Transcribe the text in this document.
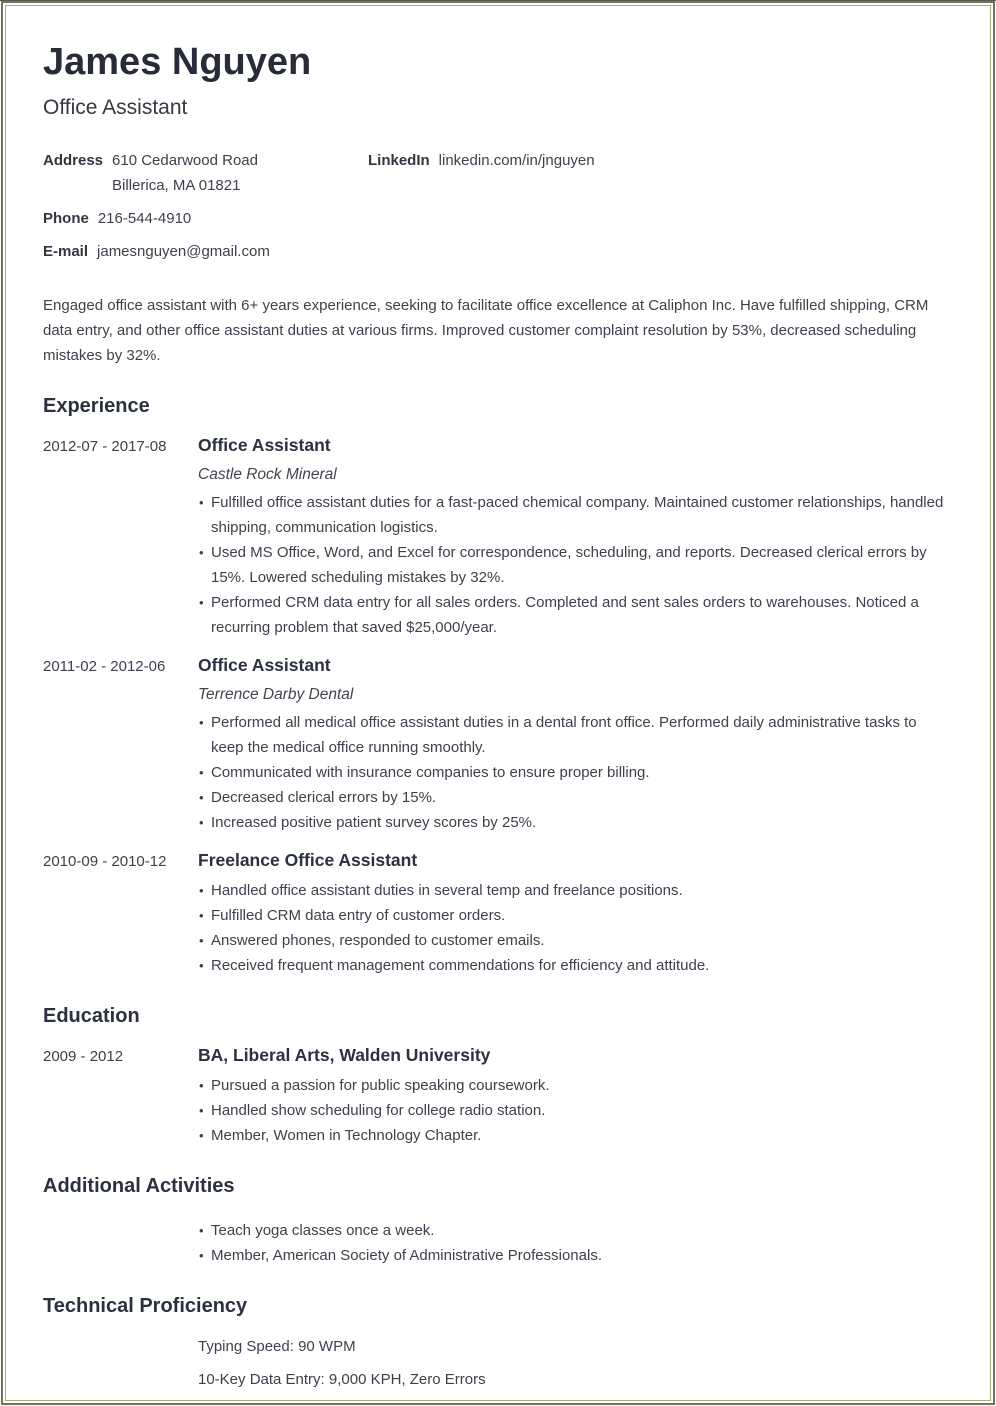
James Nguyen
Office Assistant
Address 610 Cedarwood Road
Billerica, MA 01821
Phone 216-544-4910
E-mail jamesnguyen@gmail.com
LinkedIn linkedin.com/in/jnguyen

Engaged office assistant with 6+ years experience, seeking to facilitate office excellence at Caliphon Inc. Have fulfilled shipping, CRM data entry, and other office assistant duties at various firms. Improved customer complaint resolution by 53%, decreased scheduling mistakes by 32%.

Experience
2012-07 - 2017-08	Office Assistant
Castle Rock Mineral
• Fulfilled office assistant duties for a fast-paced chemical company. Maintained customer relationships, handled shipping, communication logistics.
• Used MS Office, Word, and Excel for correspondence, scheduling, and reports. Decreased clerical errors by 15%. Lowered scheduling mistakes by 32%.
• Performed CRM data entry for all sales orders. Completed and sent sales orders to warehouses. Noticed a recurring problem that saved $25,000/year.
2011-02 - 2012-06	Office Assistant
Terrence Darby Dental
• Performed all medical office assistant duties in a dental front office. Performed daily administrative tasks to keep the medical office running smoothly.
• Communicated with insurance companies to ensure proper billing.
• Decreased clerical errors by 15%.
• Increased positive patient survey scores by 25%.
2010-09 - 2010-12	Freelance Office Assistant
• Handled office assistant duties in several temp and freelance positions.
• Fulfilled CRM data entry of customer orders.
• Answered phones, responded to customer emails.
• Received frequent management commendations for efficiency and attitude.
Education
2009 - 2012	BA, Liberal Arts, Walden University
• Pursued a passion for public speaking coursework.
• Handled show scheduling for college radio station.
• Member, Women in Technology Chapter.
Additional Activities
• Teach yoga classes once a week.
• Member, American Society of Administrative Professionals.
Technical Proficiency

Typing Speed: 90 WPM

10-Key Data Entry: 9,000 KPH, Zero Errors
